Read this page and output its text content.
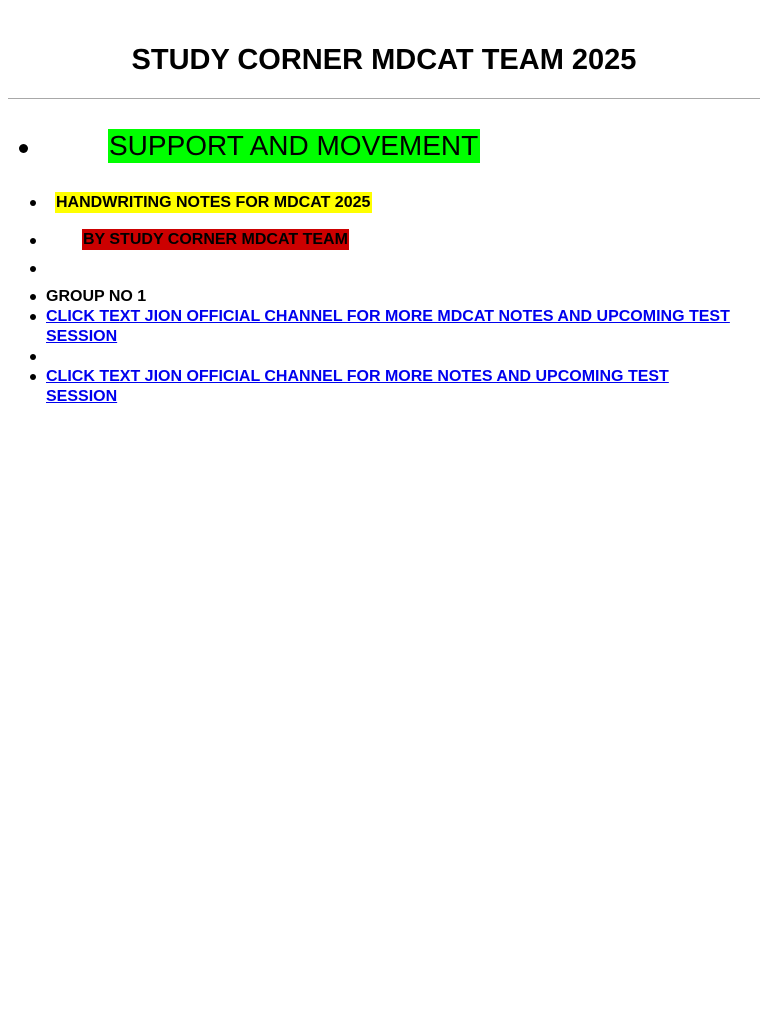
STUDY CORNER MDCAT TEAM 2025
SUPPORT AND MOVEMENT
HANDWRITING NOTES FOR MDCAT 2025
BY STUDY CORNER MDCAT TEAM
GROUP NO 1
CLICK TEXT JION OFFICIAL CHANNEL FOR MORE MDCAT NOTES AND UPCOMING TEST SESSION
CLICK TEXT JION OFFICIAL CHANNEL FOR MORE NOTES AND UPCOMING TEST SESSION
